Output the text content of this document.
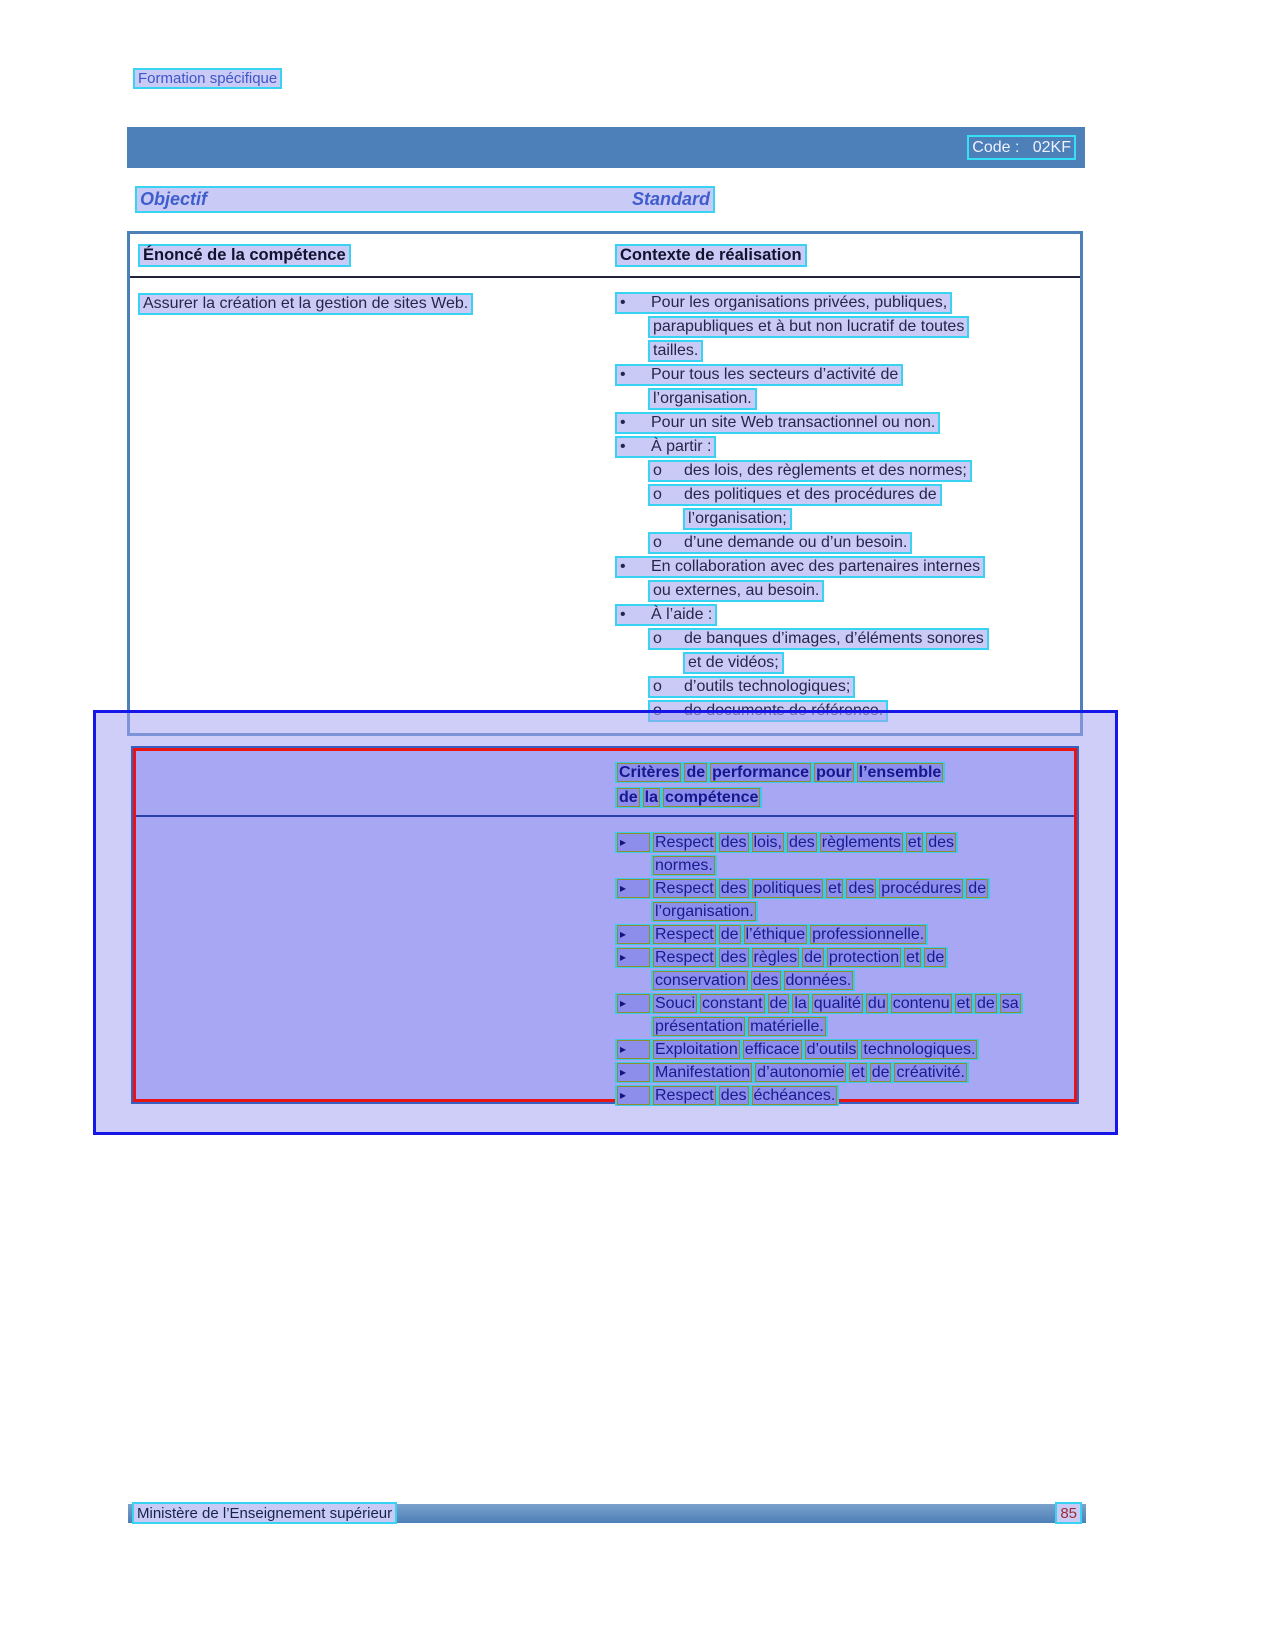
Formation spécifique
Code :   02KF
Objectif	Standard
Énoncé de la compétence	Contexte de réalisation
Assurer la création et la gestion de sites Web.	•	Pour les organisations privées, publiques,
parapubliques et à but non lucratif de toutes
tailles.
•	Pour tous les secteurs d’activité de
l’organisation.
•	Pour un site Web transactionnel ou non.
•	À partir :
o	des lois, des règlements et des normes;
o	des politiques et des procédures de
l’organisation;
o	d’une demande ou d’un besoin.
•	En collaboration avec des partenaires internes
ou externes, au besoin.
•	À l’aide :
o	de banques d’images, d’éléments sonores
et de vidéos;
o	d’outils technologiques;
Critères de performance pour l’ensemble
de la compétence
▸	Respect des lois, des règlements et des
normes.
▸	Respect des politiques et des procédures de
l’organisation.
▸	Respect de l’éthique professionnelle.
▸	Respect des règles de protection et de
conservation des données.
▸	Souci constant de la qualité du contenu et de sa
présentation matérielle.
▸	Exploitation efficace d’outils technologiques.
▸	Manifestation d’autonomie et de créativité.
▸	Respect des échéances.
Ministère de l’Enseignement supérieur	85
